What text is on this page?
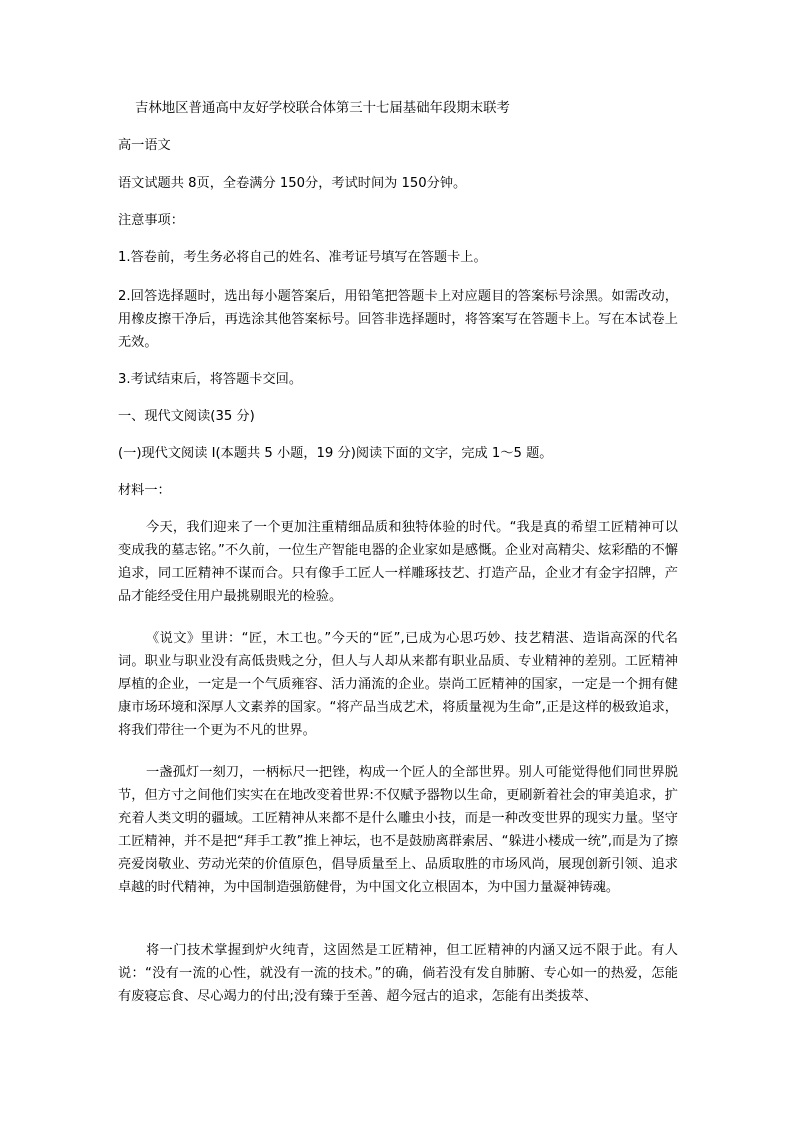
吉林地区普通高中友好学校联合体第三十七届基础年段期末联考
高一语文
语文试题共 8页，全卷满分 150分，考试时间为 150分钟。
注意事项：
1.答卷前，考生务必将自己的姓名、准考证号填写在答题卡上。
2.回答选择题时，选出每小题答案后，用铅笔把答题卡上对应题目的答案标号涂黑。如需改动，用橡皮擦干净后，再选涂其他答案标号。回答非选择题时，将答案写在答题卡上。写在本试卷上无效。
3.考试结束后，将答题卡交回。
一、现代文阅读(35 分)
(一)现代文阅读 I(本题共 5 小题，19 分)阅读下面的文字，完成 1～5 题。
材料一：
今天，我们迎来了一个更加注重精细品质和独特体验的时代。“我是真的希望工匠精神可以变成我的墓志铭。”不久前，一位生产智能电器的企业家如是感慨。企业对高精尖、炫彩酷的不懈追求，同工匠精神不谋而合。只有像手工匠人一样雕琢技艺、打造产品，企业才有金字招牌，产品才能经受住用户最挑剔眼光的检验。
《说文》里讲：“匠，木工也。”今天的“匠”,已成为心思巧妙、技艺精湛、造诣高深的代名词。职业与职业没有高低贵贱之分，但人与人却从来都有职业品质、专业精神的差别。工匠精神厚植的企业，一定是一个气质雍容、活力涌流的企业。崇尚工匠精神的国家，一定是一个拥有健康市场环境和深厚人文素养的国家。“将产品当成艺术，将质量视为生命”,正是这样的极致追求，将我们带往一个更为不凡的世界。
一盏孤灯一刻刀，一柄标尺一把锉，构成一个匠人的全部世界。别人可能觉得他们同世界脱节，但方寸之间他们实实在在地改变着世界:不仅赋予器物以生命，更刷新着社会的审美追求，扩充着人类文明的疆域。工匠精神从来都不是什么雕虫小技，而是一种改变世界的现实力量。坚守工匠精神，并不是把“拜手工教”推上神坛，也不是鼓励离群索居、“躲进小楼成一统”,而是为了擦亮爱岗敬业、劳动光荣的价值原色，倡导质量至上、品质取胜的市场风尚，展现创新引领、追求卓越的时代精神，为中国制造强筋健骨，为中国文化立根固本，为中国力量凝神铸魂。
将一门技术掌握到炉火纯青，这固然是工匠精神，但工匠精神的内涵又远不限于此。有人说：“没有一流的心性，就没有一流的技术。”的确，倘若没有发自肺腑、专心如一的热爱，怎能有废寝忘食、尽心竭力的付出;没有臻于至善、超今冠古的追求，怎能有出类拔萃、
